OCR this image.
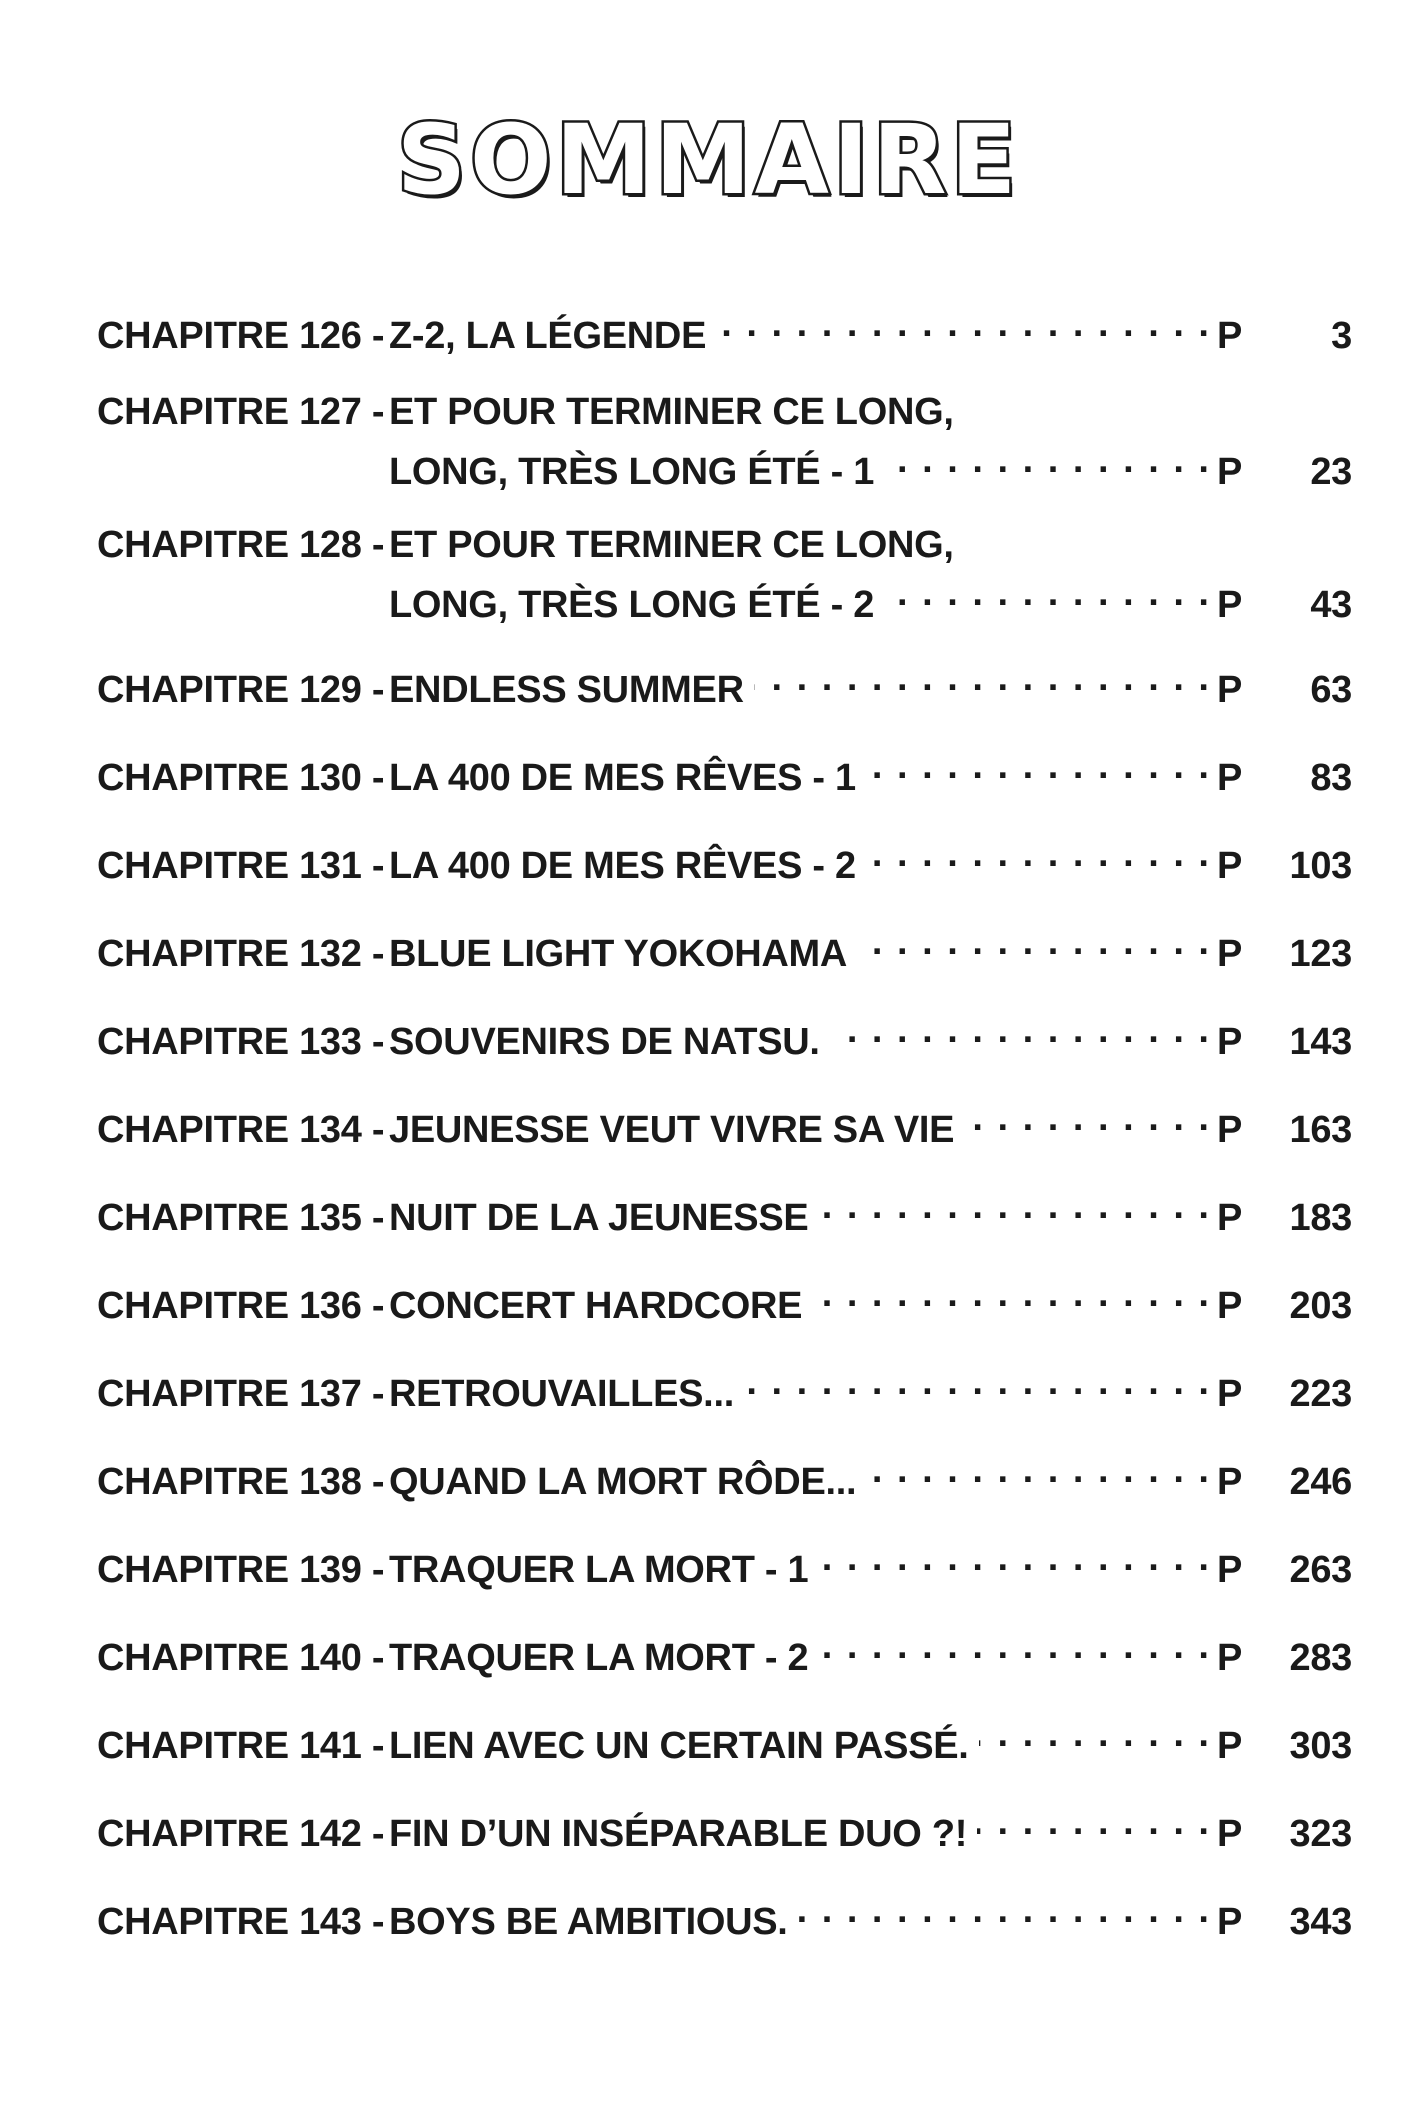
SOMMAIRE
CHAPITRE 126 - Z-2, LA LÉGENDE . . .	P	3
CHAPITRE 127 - ET POUR TERMINER CE LONG,
LONG, TRÈS LONG ÉTÉ - 1 . . .	P	23
CHAPITRE 128 - ET POUR TERMINER CE LONG,
LONG, TRÈS LONG ÉTÉ - 2 . . .	P	43
CHAPITRE 129 - ENDLESS SUMMER . . .	P	63
CHAPITRE 130 - LA 400 DE MES RÊVES - 1 . . .	P	83
CHAPITRE 131 - LA 400 DE MES RÊVES - 2 . . .	P	103
CHAPITRE 132 - BLUE LIGHT YOKOHAMA . . .	P	123
CHAPITRE 133 - SOUVENIRS DE NATSU. . . .	P	143
CHAPITRE 134 - JEUNESSE VEUT VIVRE SA VIE . . .	P	163
CHAPITRE 135 - NUIT DE LA JEUNESSE . . .	P	183
CHAPITRE 136 - CONCERT HARDCORE . . .	P	203
CHAPITRE 137 - RETROUVAILLES... . . .	P	223
CHAPITRE 138 - QUAND LA MORT RÔDE... . . .	P	246
CHAPITRE 139 - TRAQUER LA MORT - 1 . . .	P	263
CHAPITRE 140 - TRAQUER LA MORT - 2 . . .	P	283
CHAPITRE 141 - LIEN AVEC UN CERTAIN PASSÉ. . . .	P	303
CHAPITRE 142 - FIN D’UN INSÉPARABLE DUO ?! . . .	P	323
CHAPITRE 143 - BOYS BE AMBITIOUS. . . .	P	343
